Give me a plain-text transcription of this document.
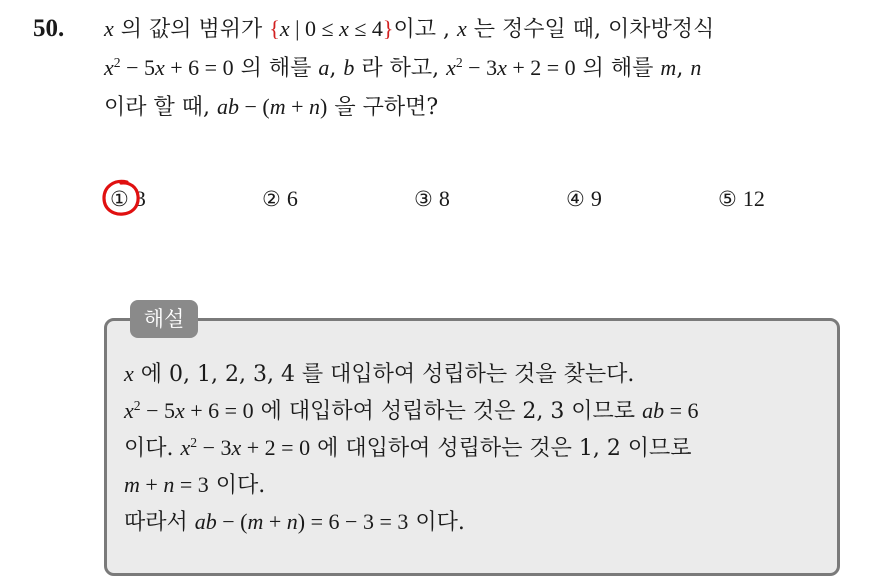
50. x 의 값의 범위가 {x | 0 ≤ x ≤ 4}이고 , x 는 정수일 때, 이차방정식
$x^2 - 5x + 6 = 0$ 의 해를 a, b 라 하고, $x^2 - 3x + 2 = 0$ 의 해를 m, n
이라 할 때, ab − (m + n) 을 구하면?
① 3	② 6	③ 8	④ 9	⑤ 12
해설
x 에 0, 1, 2, 3, 4 를 대입하여 성립하는 것을 찾는다.
$x^2 - 5x + 6 = 0$ 에 대입하여 성립하는 것은 2, 3 이므로 ab = 6
이다. $x^2 - 3x + 2 = 0$ 에 대입하여 성립하는 것은 1, 2 이므로
m + n = 3 이다.
따라서 ab − (m + n) = 6 − 3 = 3 이다.
